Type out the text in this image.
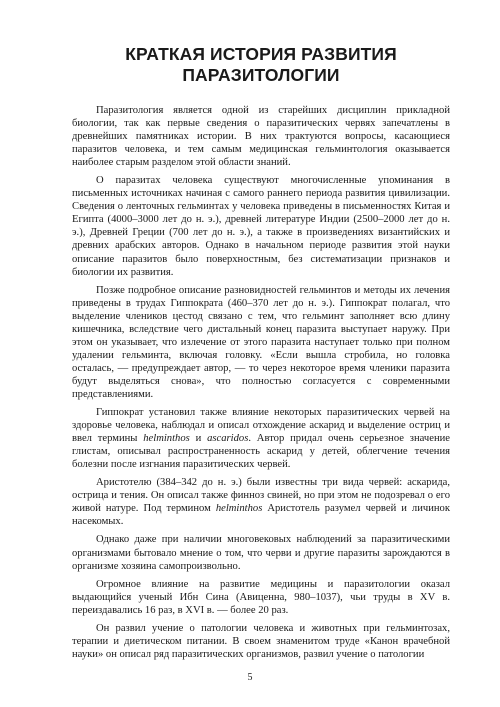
КРАТКАЯ ИСТОРИЯ РАЗВИТИЯ
ПАРАЗИТОЛОГИИ

Паразитология является одной из старейших дисциплин прикладной биологии, так как первые сведения о паразитических червях запечатлены в древнейших памятниках истории. В них трактуются вопросы, касающиеся паразитов человека, и тем самым медицинская гельминтология оказывается наиболее старым разделом этой области знаний.

О паразитах человека существуют многочисленные упоминания в письменных источниках начиная с самого раннего периода развития цивилизации. Сведения о ленточных гельминтах у человека приведены в письменностях Китая и Египта (4000–3000 лет до н. э.), древней литературе Индии (2500–2000 лет до н. э.), Древней Греции (700 лет до н. э.), а также в произведениях византийских и древних арабских авторов. Однако в начальном периоде развития этой науки описание паразитов было поверхностным, без систематизации признаков и биологии их развития.

Позже подробное описание разновидностей гельминтов и методы их лечения приведены в трудах Гиппократа (460–370 лет до н. э.). Гиппократ полагал, что выделение члеников цестод связано с тем, что гельминт заполняет всю длину кишечника, вследствие чего дистальный конец паразита выступает наружу. При этом он указывает, что излечение от этого паразита наступает только при полном удалении гельминта, включая головку. «Если вышла стробила, но головка осталась, — предупреждает автор, — то через некоторое время членики паразита будут выделяться снова», что полностью согласуется с современными представлениями.

Гиппократ установил также влияние некоторых паразитических червей на здоровье человека, наблюдал и описал отхождение аскарид и выделение остриц и ввел термины helminthos и ascaridos. Автор придал очень серьезное значение глистам, описывал распространенность аскарид у детей, облегчение течения болезни после изгнания паразитических червей.

Аристотелю (384–342 до н. э.) были известны три вида червей: аскарида, острица и тения. Он описал также финноз свиней, но при этом не подозревал о его живой натуре. Под термином helminthos Аристотель разумел червей и личинок насекомых.

Однако даже при наличии многовековых наблюдений за паразитическими организмами бытовало мнение о том, что черви и другие паразиты зарождаются в организме хозяина самопроизвольно.

Огромное влияние на развитие медицины и паразитологии оказал выдающийся ученый Ибн Сина (Авиценна, 980–1037), чьи труды в XV в. переиздавались 16 раз, в XVI в. — более 20 раз.

Он развил учение о патологии человека и животных при гельминтозах, терапии и диетическом питании. В своем знаменитом труде «Канон врачебной науки» он описал ряд паразитических организмов, развил учение о патологии

5
